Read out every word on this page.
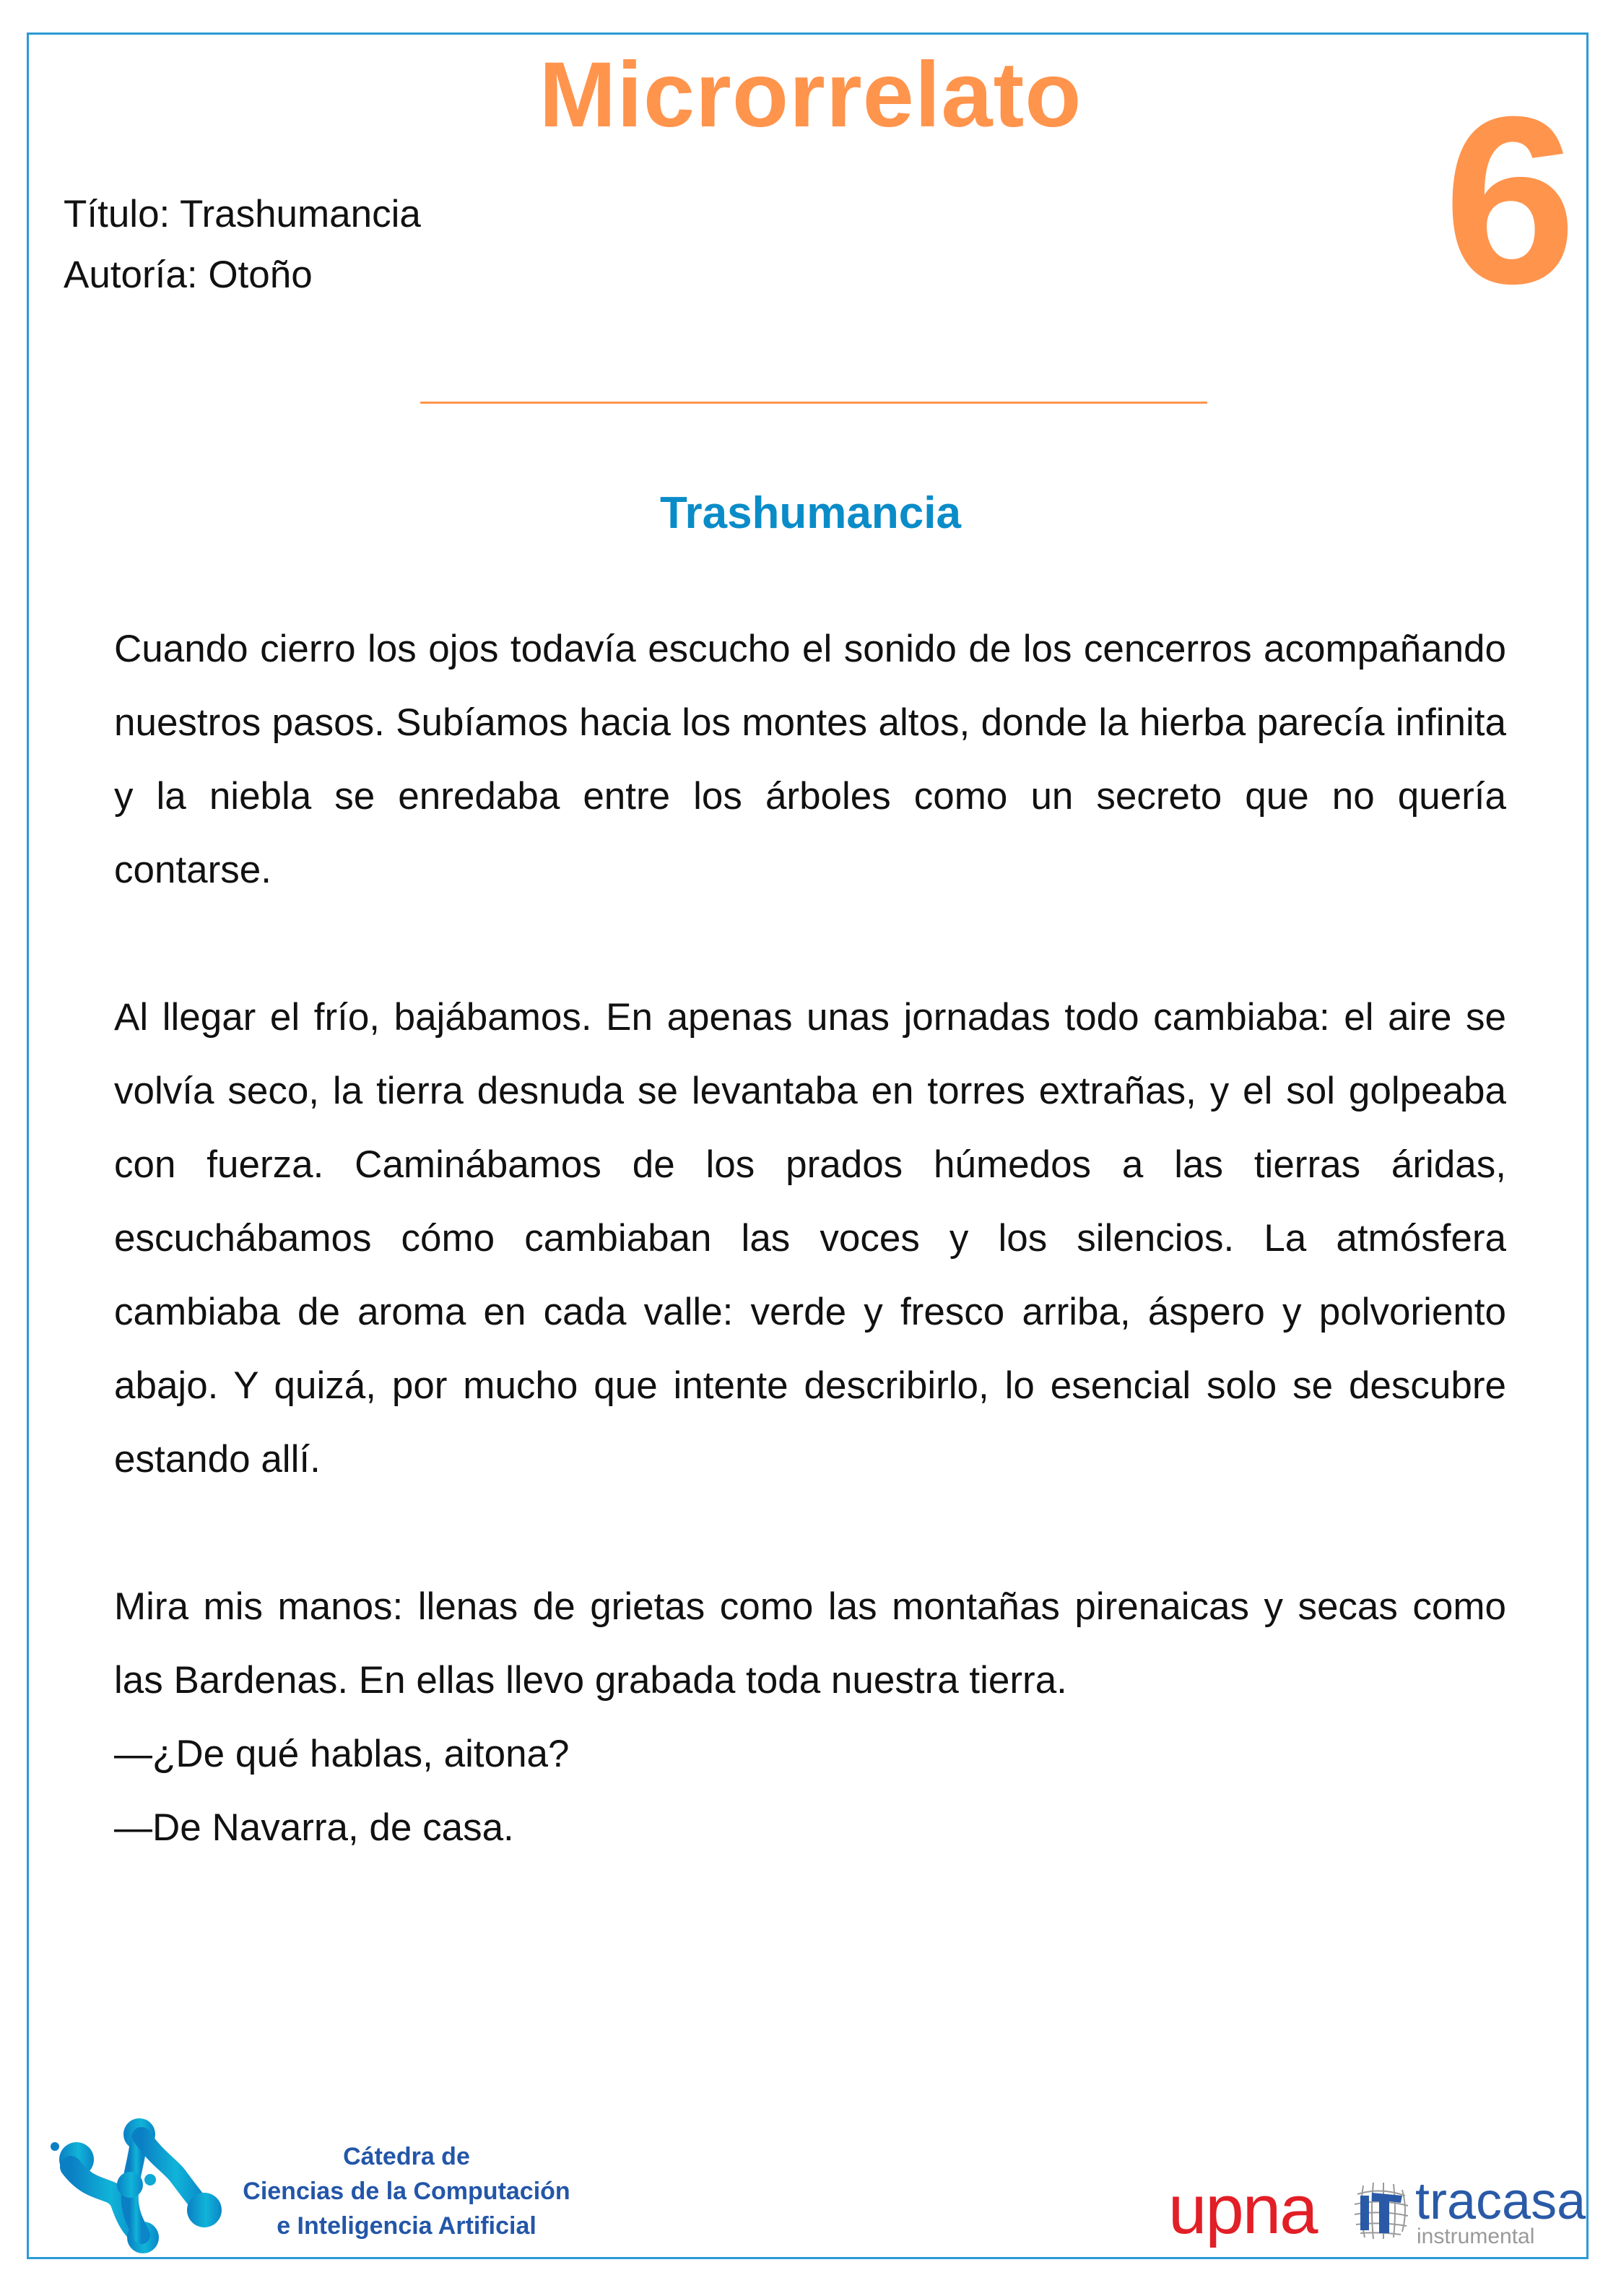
Microrrelato	6
Título: Trashumancia
Autoría: Otoño
Trashumancia

Cuando cierro los ojos todavía escucho el sonido de los cencerros acompañando nuestros pasos. Subíamos hacia los montes altos, donde la hierba parecía infinita y la niebla se enredaba entre los árboles como un secreto que no quería contarse.

Al llegar el frío, bajábamos. En apenas unas jornadas todo cambiaba: el aire se volvía seco, la tierra desnuda se levantaba en torres extrañas, y el sol golpeaba con fuerza. Caminábamos de los prados húmedos a las tierras áridas, escuchábamos cómo cambiaban las voces y los silencios. La atmósfera cambiaba de aroma en cada valle: verde y fresco arriba, áspero y polvoriento abajo. Y quizá, por mucho que intente describirlo, lo esencial solo se descubre estando allí.

Mira mis manos: llenas de grietas como las montañas pirenaicas y secas como las Bardenas. En ellas llevo grabada toda nuestra tierra.

—¿De qué hablas, aitona?

—De Navarra, de casa.

Cátedra de
Ciencias de la Computación
e Inteligencia Artificial	upna tracasa
instrumental
